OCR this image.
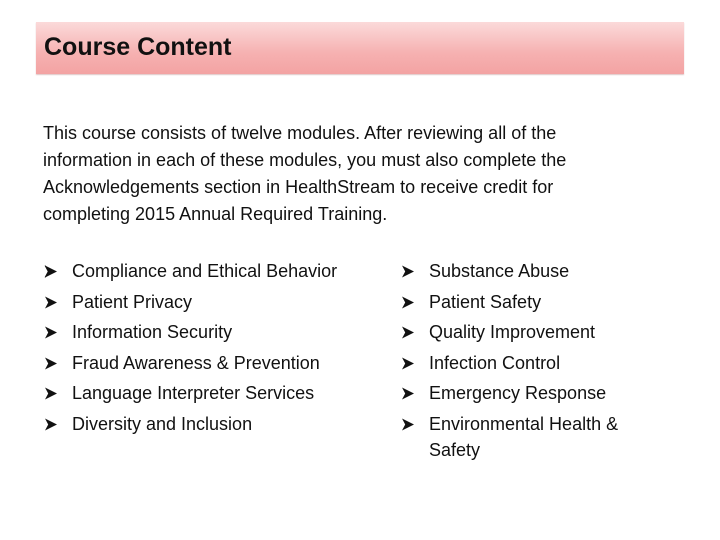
Course Content
This course consists of twelve modules. After reviewing all of the
information in each of these modules, you must also complete the
Acknowledgements section in HealthStream to receive credit for
completing 2015 Annual Required Training.
Compliance and Ethical Behavior
Patient Privacy
Information Security
Fraud Awareness & Prevention
Language Interpreter Services
Diversity and Inclusion
Substance Abuse
Patient Safety
Quality Improvement
Infection Control
Emergency Response
Environmental Health & Safety
